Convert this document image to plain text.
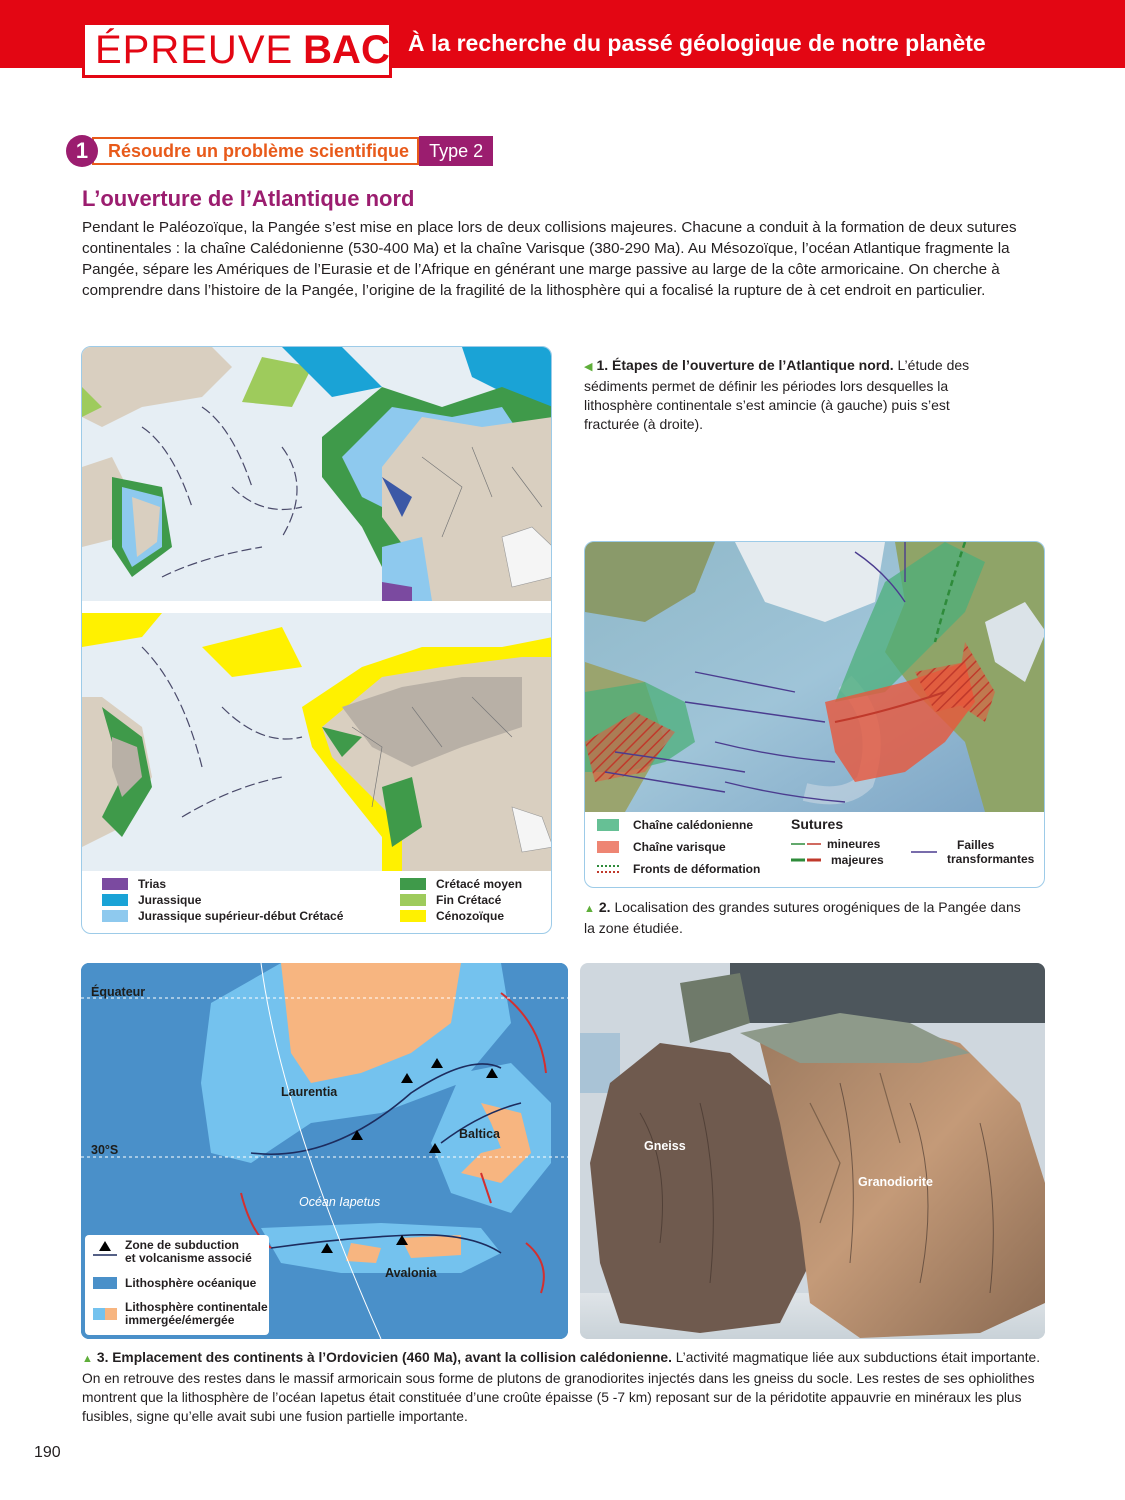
À la recherche du passé géologique de notre planète
ÉPREUVE BAC
1	Résoudre un problème scientifique	Type 2
L’ouverture de l’Atlantique nord
Pendant le Paléozoïque, la Pangée s’est mise en place lors de deux collisions majeures. Chacune a conduit à la formation de deux sutures continentales : la chaîne Calédonienne (530-400 Ma) et la chaîne Varisque (380-290 Ma). Au Mésozoïque, l’océan Atlantique fragmente la Pangée, sépare les Amériques de l’Eurasie et de l’Afrique en générant une marge passive au large de la côte armoricaine. On cherche à comprendre dans l’histoire de la Pangée, l’origine de la fragilité de la lithosphère qui a focalisé la rupture de à cet endroit en particulier.
Trias
Jurassique
Jurassique supérieur-début Crétacé
Crétacé moyen
Fin Crétacé
Cénozoïque
◀ 1. Étapes de l’ouverture de l’Atlantique nord. L’étude des sédiments permet de définir les périodes lors desquelles la lithosphère continentale s’est amincie (à gauche) puis s’est fracturée (à droite).
Chaîne calédonienne
Chaîne varisque
Fronts de déformation
Sutures
mineures
majeures
Failles
transformantes
▲ 2. Localisation des grandes sutures orogéniques de la Pangée dans la zone étudiée.
Équateur
30°S
Laurentia
Baltica
Avalonia
Océan Iapetus
Zone de subduction
et volcanisme associé
Lithosphère océanique
Lithosphère continentale
immergée/émergée
Gneiss
Granodiorite
▲ 3. Emplacement des continents à l’Ordovicien (460 Ma), avant la collision calédonienne. L’activité magmatique liée aux subductions était importante. On en retrouve des restes dans le massif armoricain sous forme de plutons de granodiorites injectés dans les gneiss du socle. Les restes de ses ophiolithes montrent que la lithosphère de l’océan Iapetus était constituée d’une croûte épaisse (5 -7 km) reposant sur de la péridotite appauvrie en minéraux les plus fusibles, signe qu’elle avait subi une fusion partielle importante.
190
